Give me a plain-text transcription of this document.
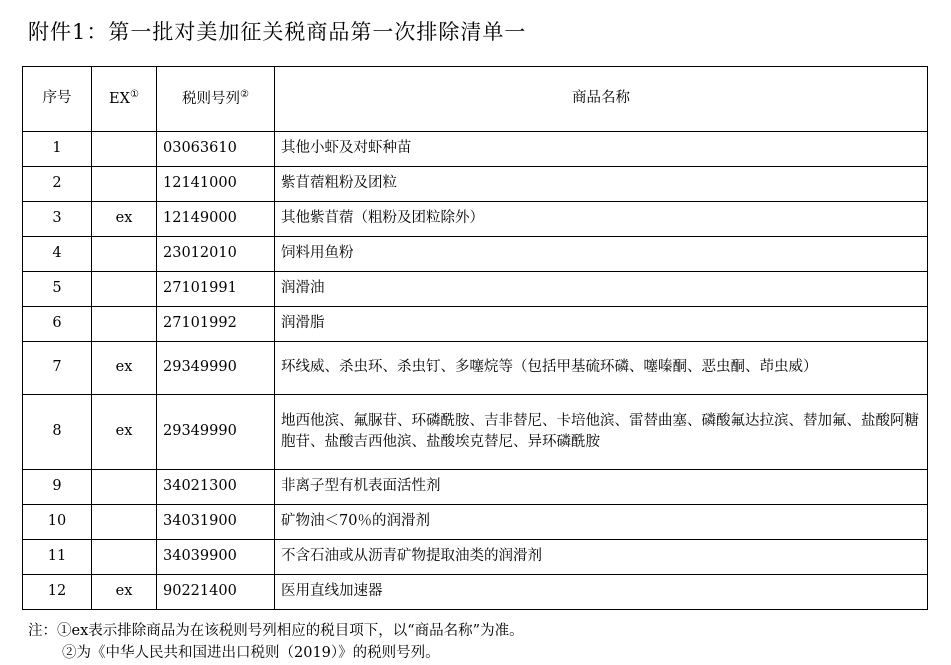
附件1：第一批对美加征关税商品第一次排除清单一
序号	EX①	税则号列②	商品名称
1		03063610	其他小虾及对虾种苗
2		12141000	紫苜蓿粗粉及团粒
3	ex	12149000	其他紫苜蓿（粗粉及团粒除外）
4		23012010	饲料用鱼粉
5		27101991	润滑油
6		27101992	润滑脂
7	ex	29349990	环线威、杀虫环、杀虫钉、多噻烷等（包括甲基硫环磷、噻嗪酮、恶虫酮、茚虫威）
8	ex	29349990	地西他滨、氟脲苷、环磷酰胺、吉非替尼、卡培他滨、雷替曲塞、磷酸氟达拉滨、替加氟、盐酸阿糖胞苷、盐酸吉西他滨、盐酸埃克替尼、异环磷酰胺
9		34021300	非离子型有机表面活性剂
10		34031900	矿物油＜70％的润滑剂
11		34039900	不含石油或从沥青矿物提取油类的润滑剂
12	ex	90221400	医用直线加速器
注：①ex表示排除商品为在该税则号列相应的税目项下，以“商品名称”为准。
②为《中华人民共和国进出口税则（2019）》的税则号列。
